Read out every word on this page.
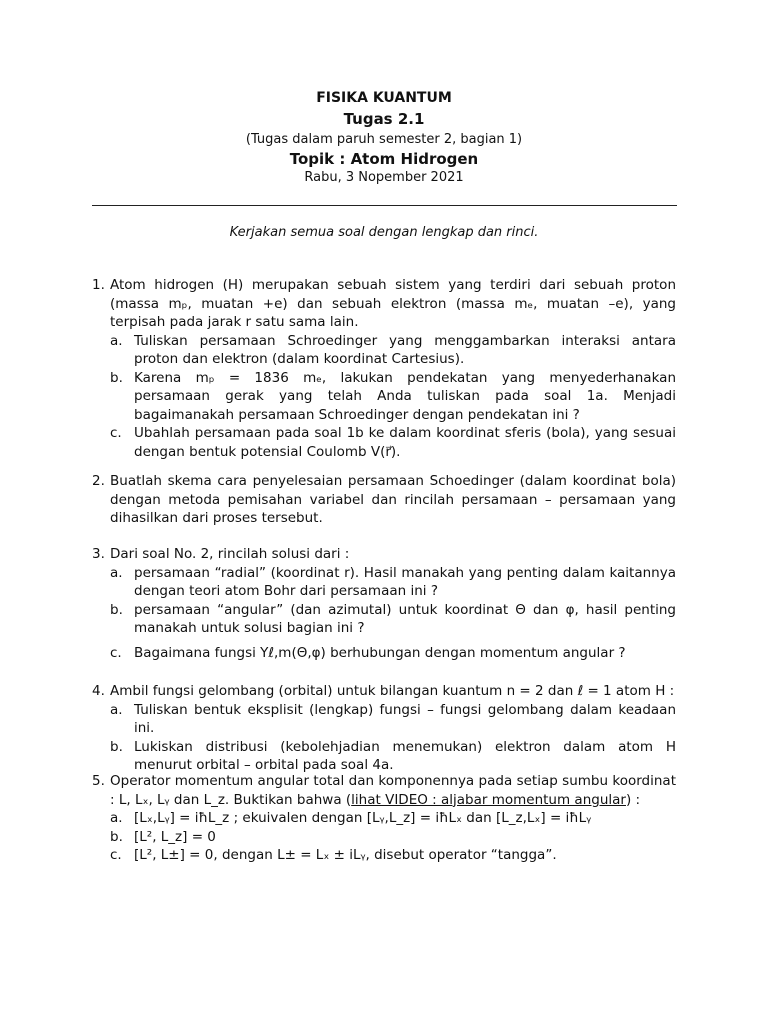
FISIKA KUANTUM
Tugas 2.1
(Tugas dalam paruh semester 2, bagian 1)
Topik : Atom Hidrogen
Rabu, 3 Nopember 2021
Kerjakan semua soal dengan lengkap dan rinci.
1. Atom hidrogen (H) merupakan sebuah sistem yang terdiri dari sebuah proton (massa mₚ, muatan +e) dan sebuah elektron (massa mₑ, muatan –e), yang terpisah pada jarak r satu sama lain.
a. Tuliskan persamaan Schroedinger yang menggambarkan interaksi antara proton dan elektron (dalam koordinat Cartesius).
b. Karena mₚ = 1836 mₑ, lakukan pendekatan yang menyederhanakan persamaan gerak yang telah Anda tuliskan pada soal 1a. Menjadi bagaimanakah persamaan Schroedinger dengan pendekatan ini ?
c. Ubahlah persamaan pada soal 1b ke dalam koordinat sferis (bola), yang sesuai dengan bentuk potensial Coulomb V(r⃗).
2. Buatlah skema cara penyelesaian persamaan Schoedinger (dalam koordinat bola) dengan metoda pemisahan variabel dan rincilah persamaan – persamaan yang dihasilkan dari proses tersebut.
3. Dari soal No. 2, rincilah solusi dari :
a. persamaan “radial” (koordinat r). Hasil manakah yang penting dalam kaitannya dengan teori atom Bohr dari persamaan ini ?
b. persamaan “angular” (dan azimutal) untuk koordinat Θ dan φ, hasil penting manakah untuk solusi bagian ini ?
c. Bagaimana fungsi Yℓ,m(Θ,φ) berhubungan dengan momentum angular ?
4. Ambil fungsi gelombang (orbital) untuk bilangan kuantum n = 2 dan ℓ = 1 atom H :
a. Tuliskan bentuk eksplisit (lengkap) fungsi – fungsi gelombang dalam keadaan ini.
b. Lukiskan distribusi (kebolehjadian menemukan) elektron dalam atom H menurut orbital – orbital pada soal 4a.
5. Operator momentum angular total dan komponennya pada setiap sumbu koordinat : L, Lₓ, Lᵧ dan L_z. Buktikan bahwa (lihat VIDEO : aljabar momentum angular) :
a. [Lₓ,Lᵧ] = iħL_z ; ekuivalen dengan [Lᵧ,L_z] = iħLₓ dan [L_z,Lₓ] = iħLᵧ
b. [L², L_z] = 0
c. [L², L±] = 0, dengan L± = Lₓ ± iLᵧ, disebut operator “tangga”.
